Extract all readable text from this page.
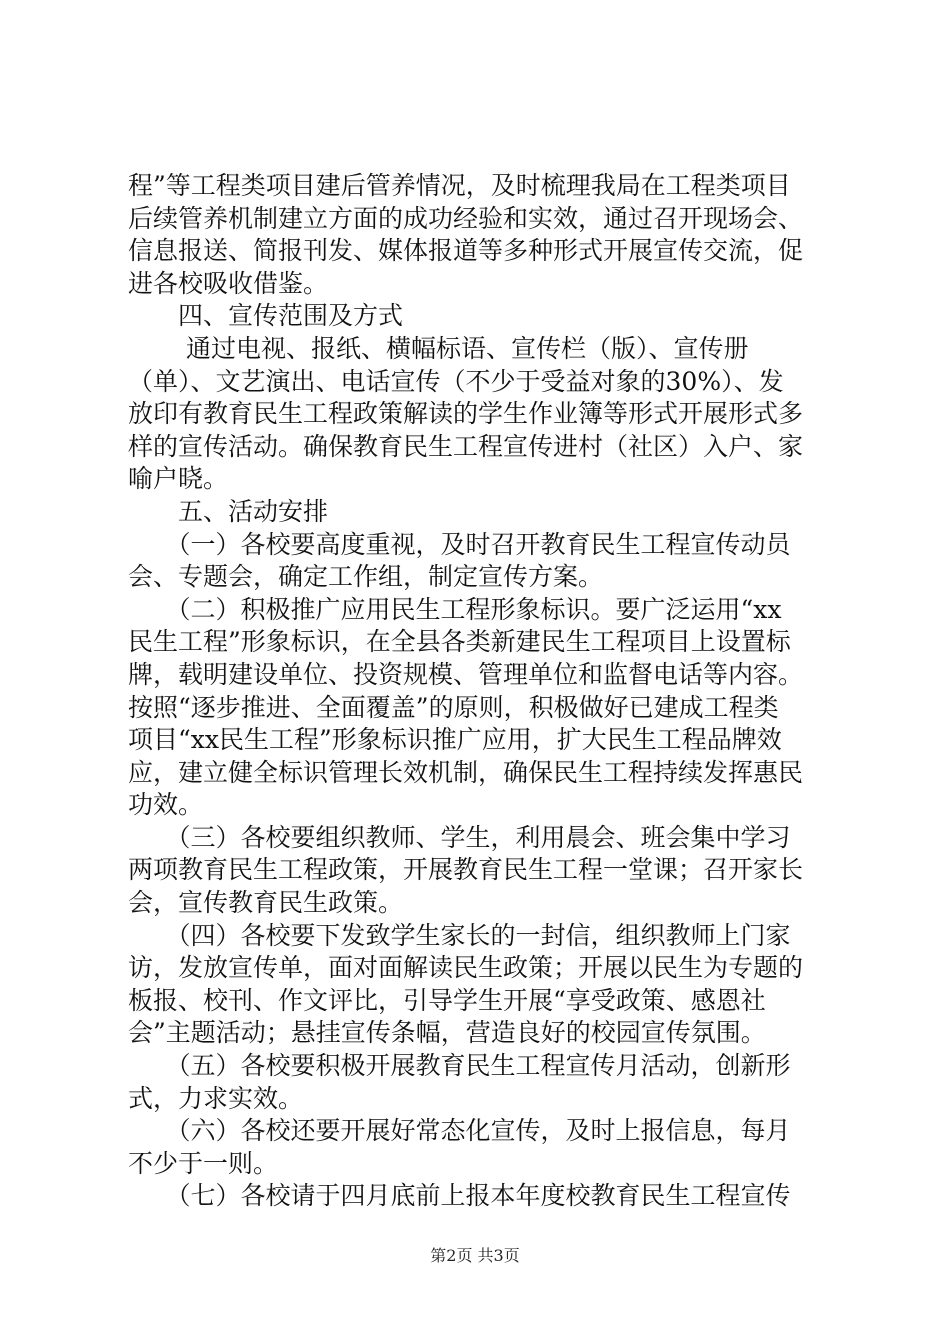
程”等工程类项目建后管养情况，及时梳理我局在工程类项目
后续管养机制建立方面的成功经验和实效，通过召开现场会、
信息报送、简报刊发、媒体报道等多种形式开展宣传交流，促
进各校吸收借鉴。
　　四、宣传范围及方式
　　 通过电视、报纸、横幅标语、宣传栏（版）、宣传册
（单）、文艺演出、电话宣传（不少于受益对象的30%）、发
放印有教育民生工程政策解读的学生作业簿等形式开展形式多
样的宣传活动。确保教育民生工程宣传进村（社区）入户、家
喻户晓。
　　五、活动安排
　　（一）各校要高度重视，及时召开教育民生工程宣传动员
会、专题会，确定工作组，制定宣传方案。
　　（二）积极推广应用民生工程形象标识。要广泛运用“xx
民生工程”形象标识，在全县各类新建民生工程项目上设置标
牌，载明建设单位、投资规模、管理单位和监督电话等内容。
按照“逐步推进、全面覆盖”的原则，积极做好已建成工程类
项目“xx民生工程”形象标识推广应用，扩大民生工程品牌效
应，建立健全标识管理长效机制，确保民生工程持续发挥惠民
功效。
　　（三）各校要组织教师、学生，利用晨会、班会集中学习
两项教育民生工程政策，开展教育民生工程一堂课；召开家长
会，宣传教育民生政策。
　　（四）各校要下发致学生家长的一封信，组织教师上门家
访，发放宣传单，面对面解读民生政策；开展以民生为专题的
板报、校刊、作文评比，引导学生开展“享受政策、感恩社
会”主题活动；悬挂宣传条幅，营造良好的校园宣传氛围。
　　（五）各校要积极开展教育民生工程宣传月活动，创新形
式，力求实效。
　　（六）各校还要开展好常态化宣传，及时上报信息，每月
不少于一则。
　　（七）各校请于四月底前上报本年度校教育民生工程宣传
第2页 共3页
